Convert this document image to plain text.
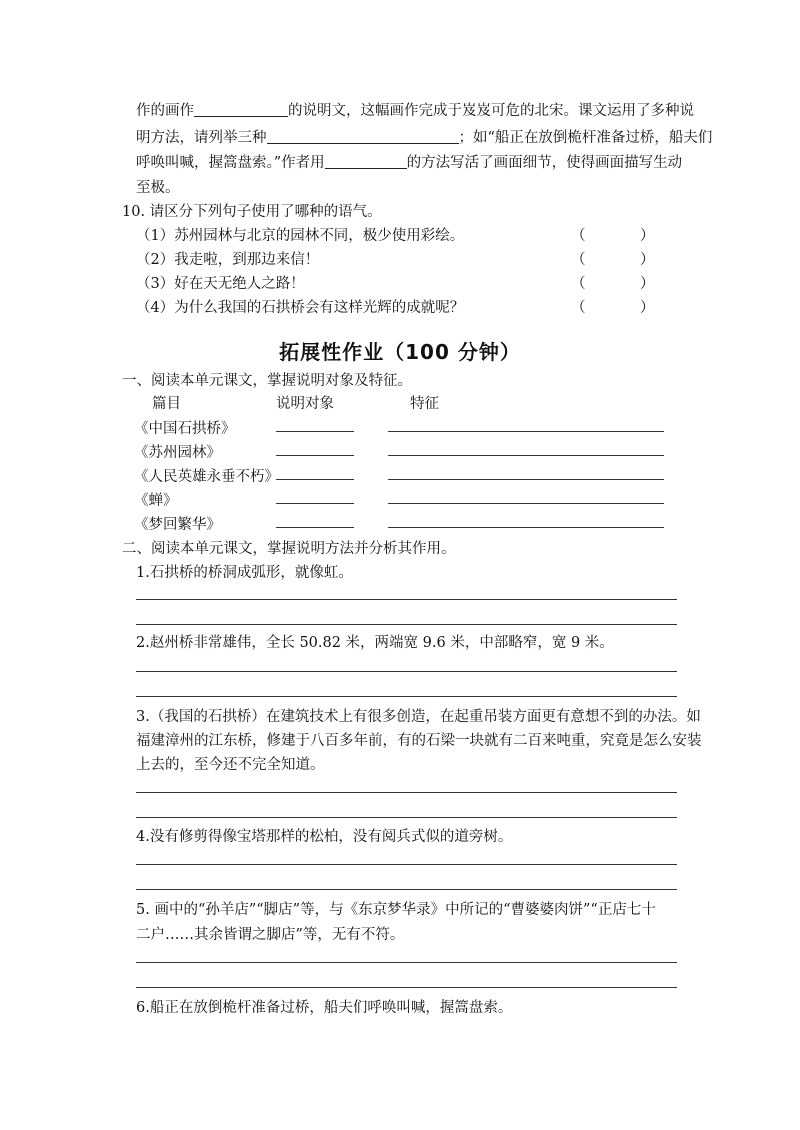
作的画作	的说明文，这幅画作完成于岌岌可危的北宋。课文运用了多种说
明方法，请列举三种	；如“船正在放倒桅杆准备过桥，船夫们
呼唤叫喊，握篙盘索。”作者用	的方法写活了画面细节，使得画面描写生动
至极。
10. 请区分下列句子使用了哪种的语气。
（1）苏州园林与北京的园林不同，极少使用彩绘。	（	）
（2）我走啦，到那边来信！	（	）
（3）好在天无绝人之路！	（	）
（4）为什么我国的石拱桥会有这样光辉的成就呢？	（	）
拓展性作业（100 分钟）
一、阅读本单元课文，掌握说明对象及特征。
篇目	说明对象	特征
《中国石拱桥》
《苏州园林》
《人民英雄永垂不朽》
《蝉》
《梦回繁华》
二、阅读本单元课文，掌握说明方法并分析其作用。
1.石拱桥的桥洞成弧形，就像虹。
2.赵州桥非常雄伟，全长 50.82 米，两端宽 9.6 米，中部略窄，宽 9 米。
3.（我国的石拱桥）在建筑技术上有很多创造，在起重吊装方面更有意想不到的办法。如
福建漳州的江东桥，修建于八百多年前，有的石梁一块就有二百来吨重，究竟是怎么安装
上去的，至今还不完全知道。
4.没有修剪得像宝塔那样的松柏，没有阅兵式似的道旁树。
5. 画中的“孙羊店”“脚店”等，与《东京梦华录》中所记的“曹婆婆肉饼”“正店七十
二户……其余皆谓之脚店”等，无有不符。
6.船正在放倒桅杆准备过桥，船夫们呼唤叫喊，握篙盘索。
